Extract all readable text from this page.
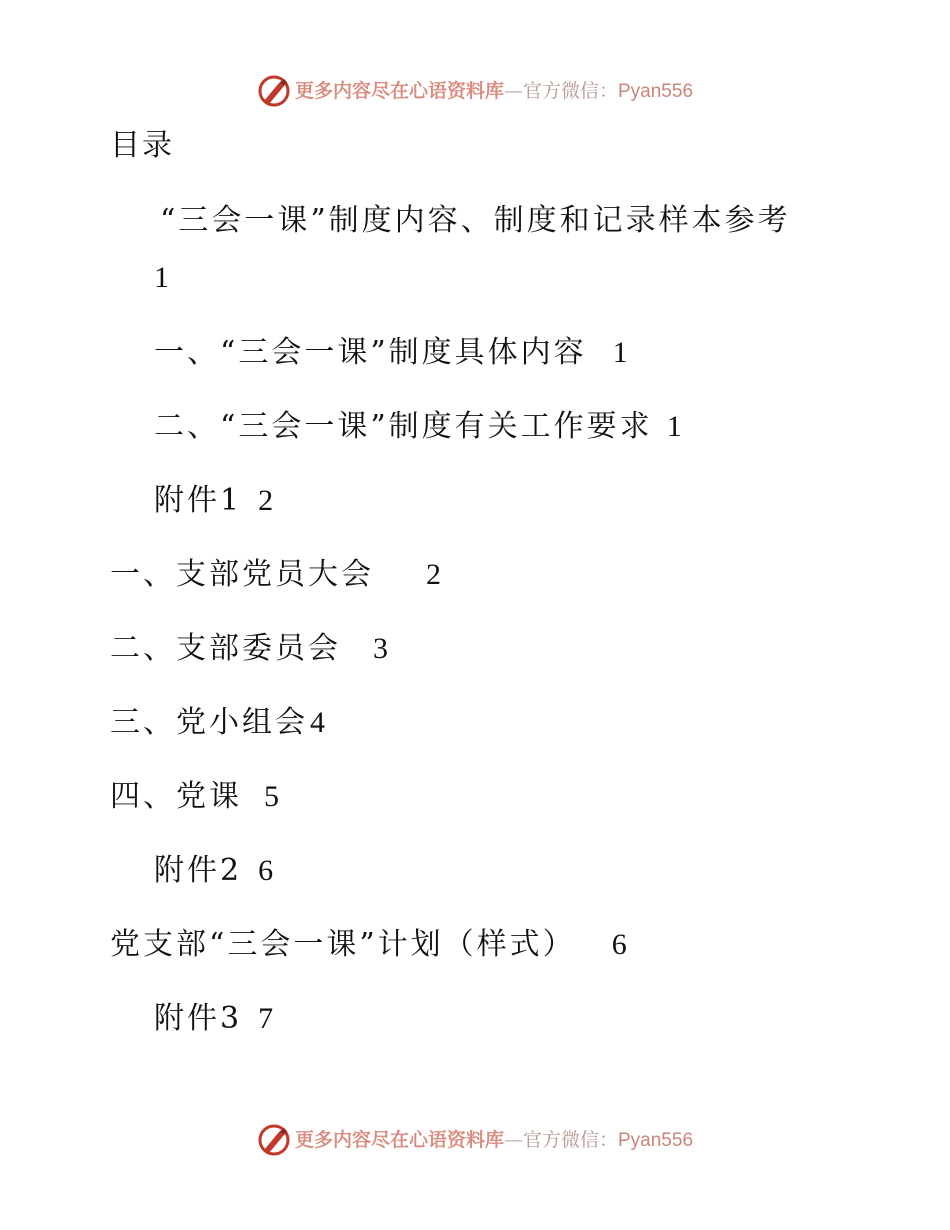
更多内容尽在心语资料库—官方微信：Pyan556
目录
“三会一课”制度内容、制度和记录样本参考
1
一、“三会一课”制度具体内容 1
二、“三会一课”制度有关工作要求 1
附件1 2
一、支部党员大会 2
二、支部委员会 3
三、党小组会4
四、党课 5
附件2 6
党支部“三会一课”计划（样式） 6
附件3 7
更多内容尽在心语资料库—官方微信：Pyan556
